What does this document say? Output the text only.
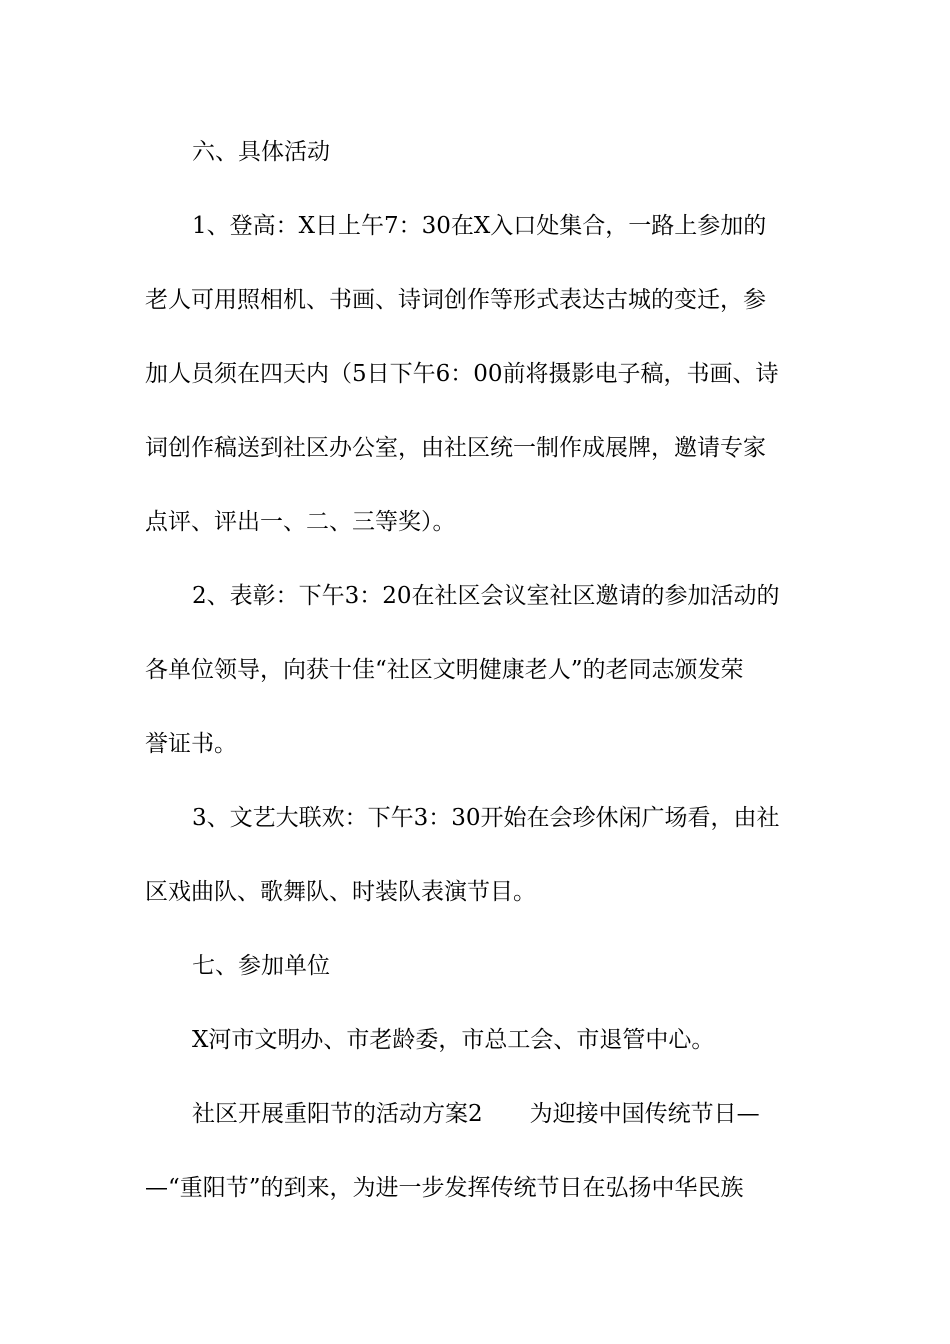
六、具体活动
1、登高：X日上午7：30在X入口处集合，一路上参加的
老人可用照相机、书画、诗词创作等形式表达古城的变迁，参
加人员须在四天内（5日下午6：00前将摄影电子稿，书画、诗
词创作稿送到社区办公室，由社区统一制作成展牌，邀请专家
点评、评出一、二、三等奖）。
2、表彰：下午3：20在社区会议室社区邀请的参加活动的
各单位领导，向获十佳“社区文明健康老人”的老同志颁发荣
誉证书。
3、文艺大联欢：下午3：30开始在会珍休闲广场看，由社
区戏曲队、歌舞队、时装队表演节目。
七、参加单位
X河市文明办、市老龄委，市总工会、市退管中心。
社区开展重阳节的活动方案2 为迎接中国传统节日—
—“重阳节”的到来，为进一步发挥传统节日在弘扬中华民族
